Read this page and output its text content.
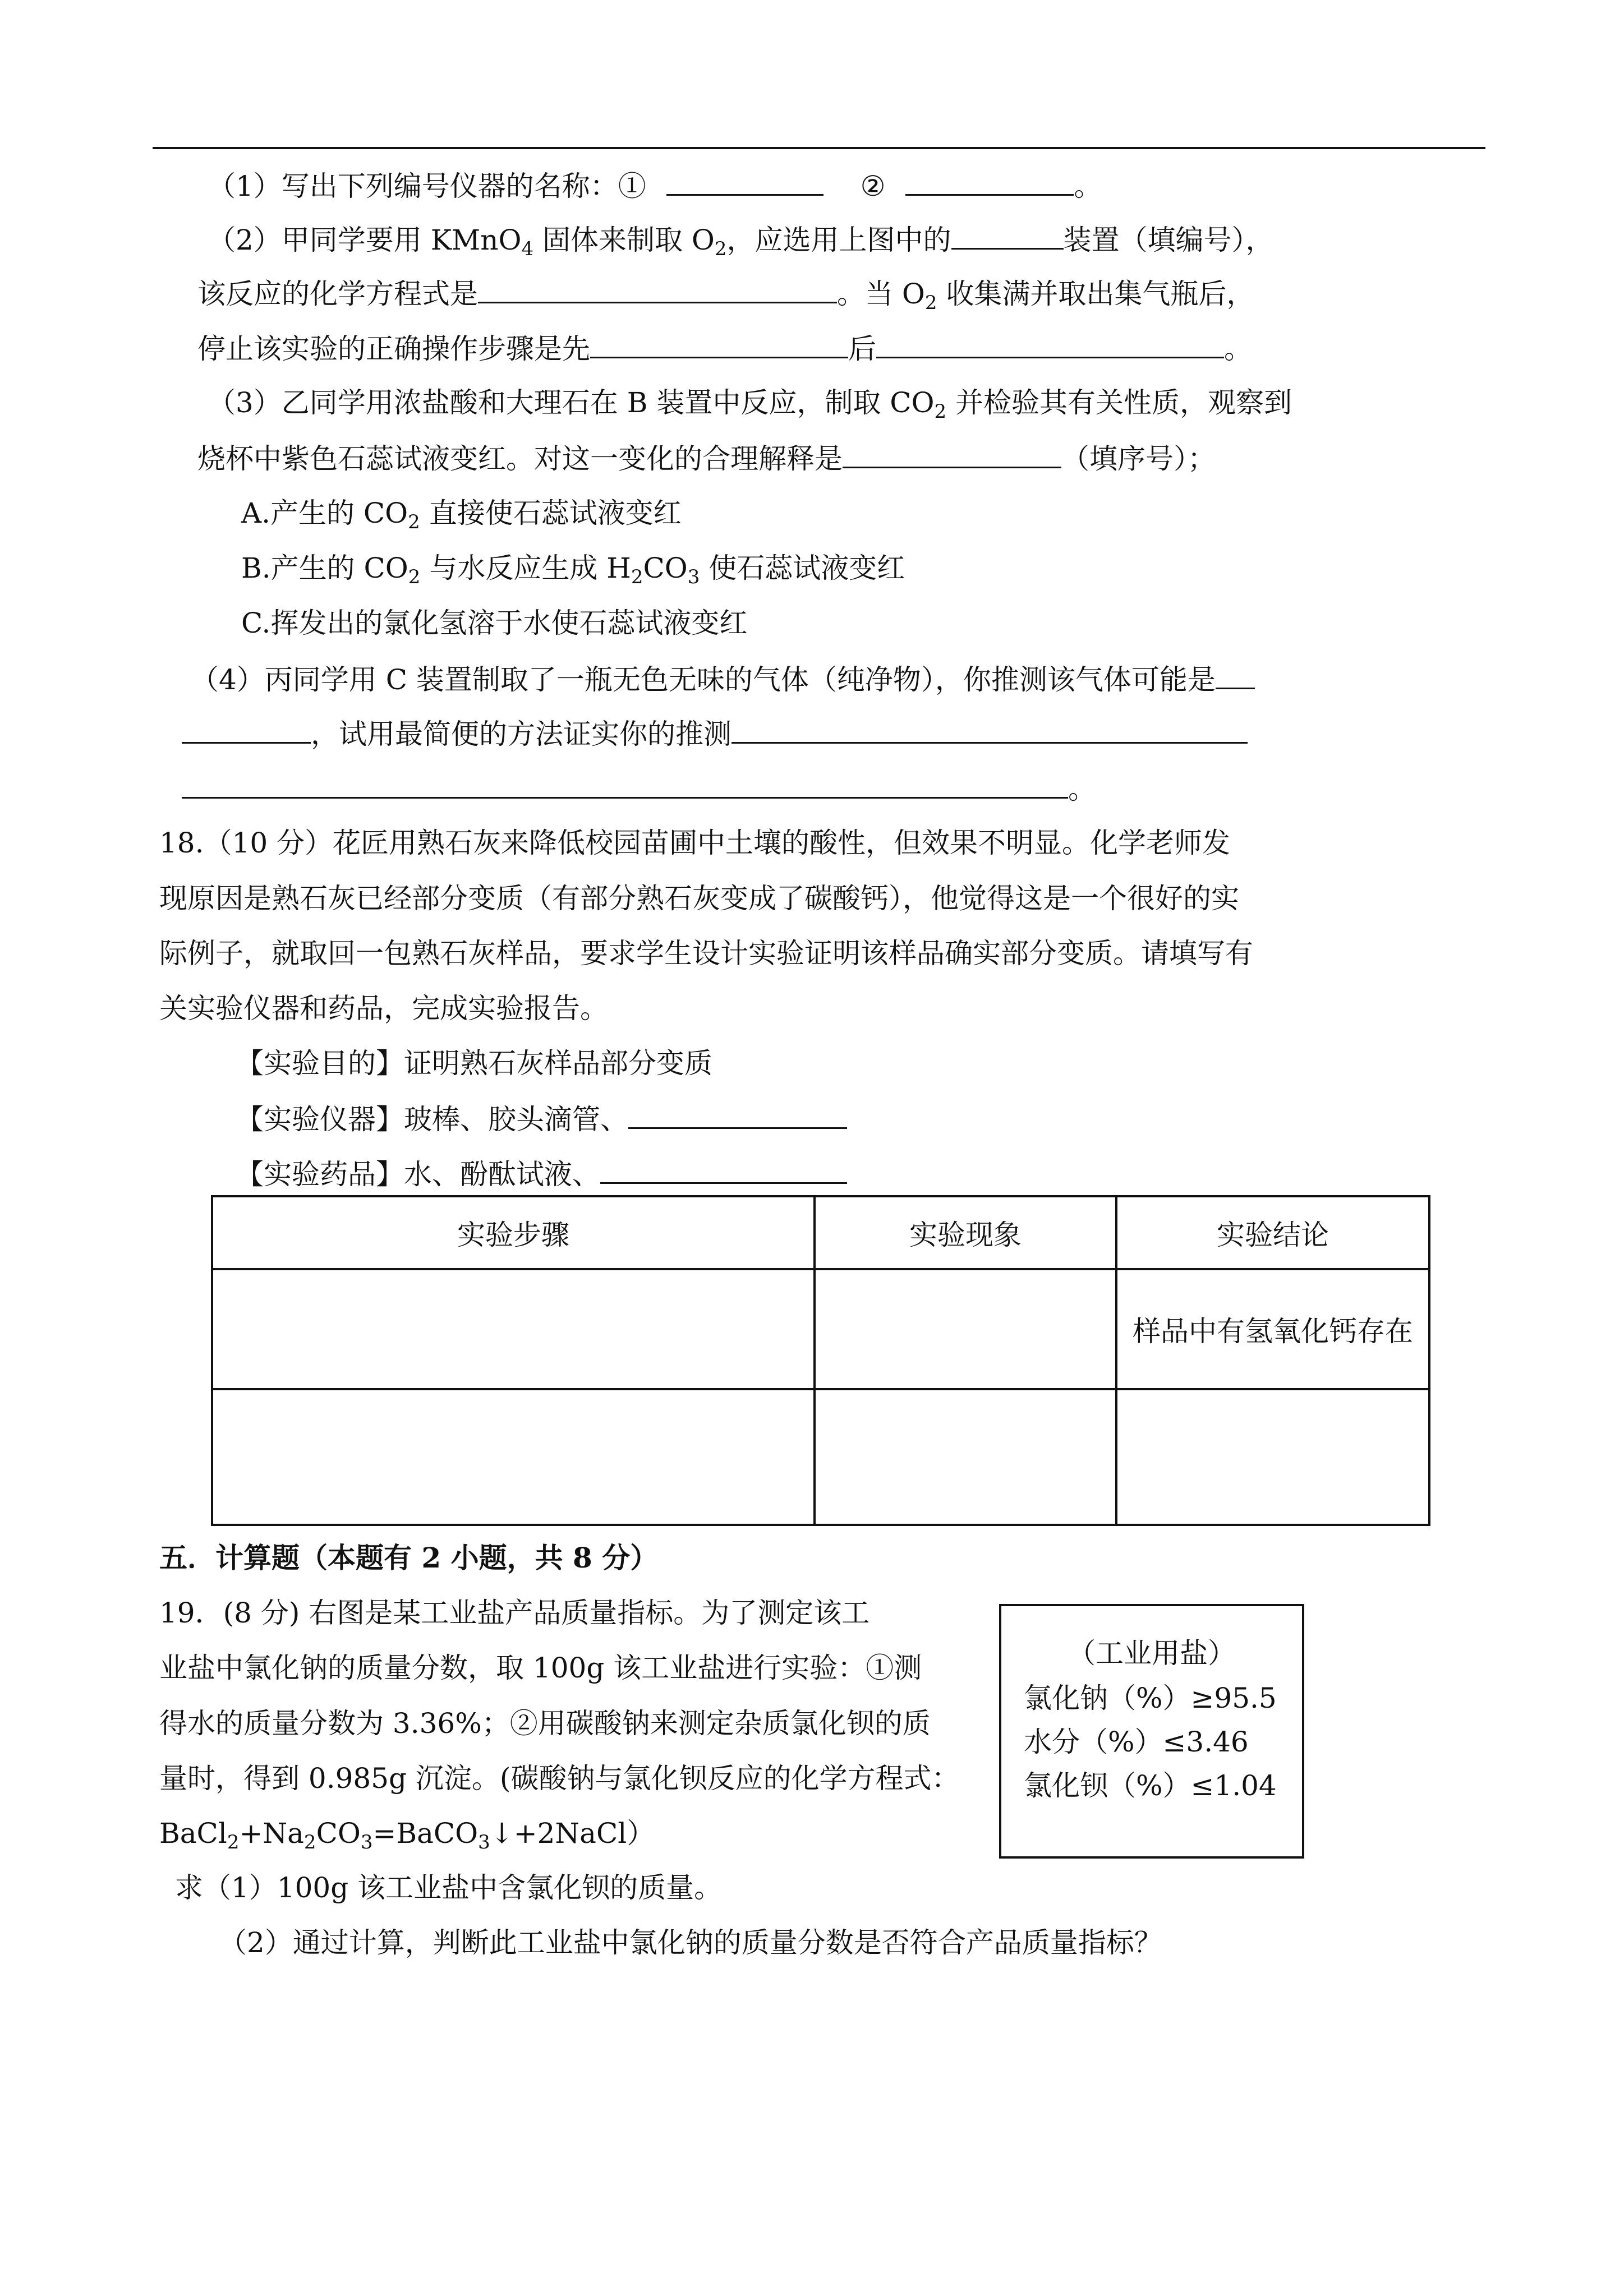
（1）写出下列编号仪器的名称：①	②	。
（2）甲同学要用 KMnO$_4$ 固体来制取 $O_2$，应选用上图中的	装置（填编号），
该反应的化学方程式是	。当 $O_2$ 收集满并取出集气瓶后，
停止该实验的正确操作步骤是先	后	。
（3）乙同学用浓盐酸和大理石在 B 装置中反应，制取 $CO_2$ 并检验其有关性质，观察到
烧杯中紫色石蕊试液变红。对这一变化的合理解释是	（填序号）；
A.产生的 $CO_2$ 直接使石蕊试液变红
B.产生的 $CO_2$ 与水反应生成 $H_2CO_3$ 使石蕊试液变红
C.挥发出的氯化氢溶于水使石蕊试液变红
（4）丙同学用 C 装置制取了一瓶无色无味的气体（纯净物），你推测该气体可能是
，试用最简便的方法证实你的推测
。
18.（10 分）花匠用熟石灰来降低校园苗圃中土壤的酸性，但效果不明显。化学老师发
现原因是熟石灰已经部分变质（有部分熟石灰变成了碳酸钙），他觉得这是一个很好的实
际例子，就取回一包熟石灰样品，要求学生设计实验证明该样品确实部分变质。请填写有
关实验仪器和药品，完成实验报告。
【实验目的】证明熟石灰样品部分变质
【实验仪器】玻棒、胶头滴管、
【实验药品】水、酚酞试液、
实验步骤	实验现象	实验结论
		样品中有氢氧化钙存在

五．计算题（本题有 2 小题，共 8 分）
19．(8 分) 右图是某工业盐产品质量指标。为了测定该工
业盐中氯化钠的质量分数，取 100g 该工业盐进行实验：①测
得水的质量分数为 3.36%；②用碳酸钠来测定杂质氯化钡的质
量时，得到 0.985g 沉淀。(碳酸钠与氯化钡反应的化学方程式：
$BaCl_2+Na_2CO_3=BaCO_3↓+2NaCl$）
求（1）100g 该工业盐中含氯化钡的质量。
（2）通过计算，判断此工业盐中氯化钠的质量分数是否符合产品质量指标？
（工业用盐）
氯化钠（%）≥95.5
水分（%）≤3.46
氯化钡（%）≤1.04
